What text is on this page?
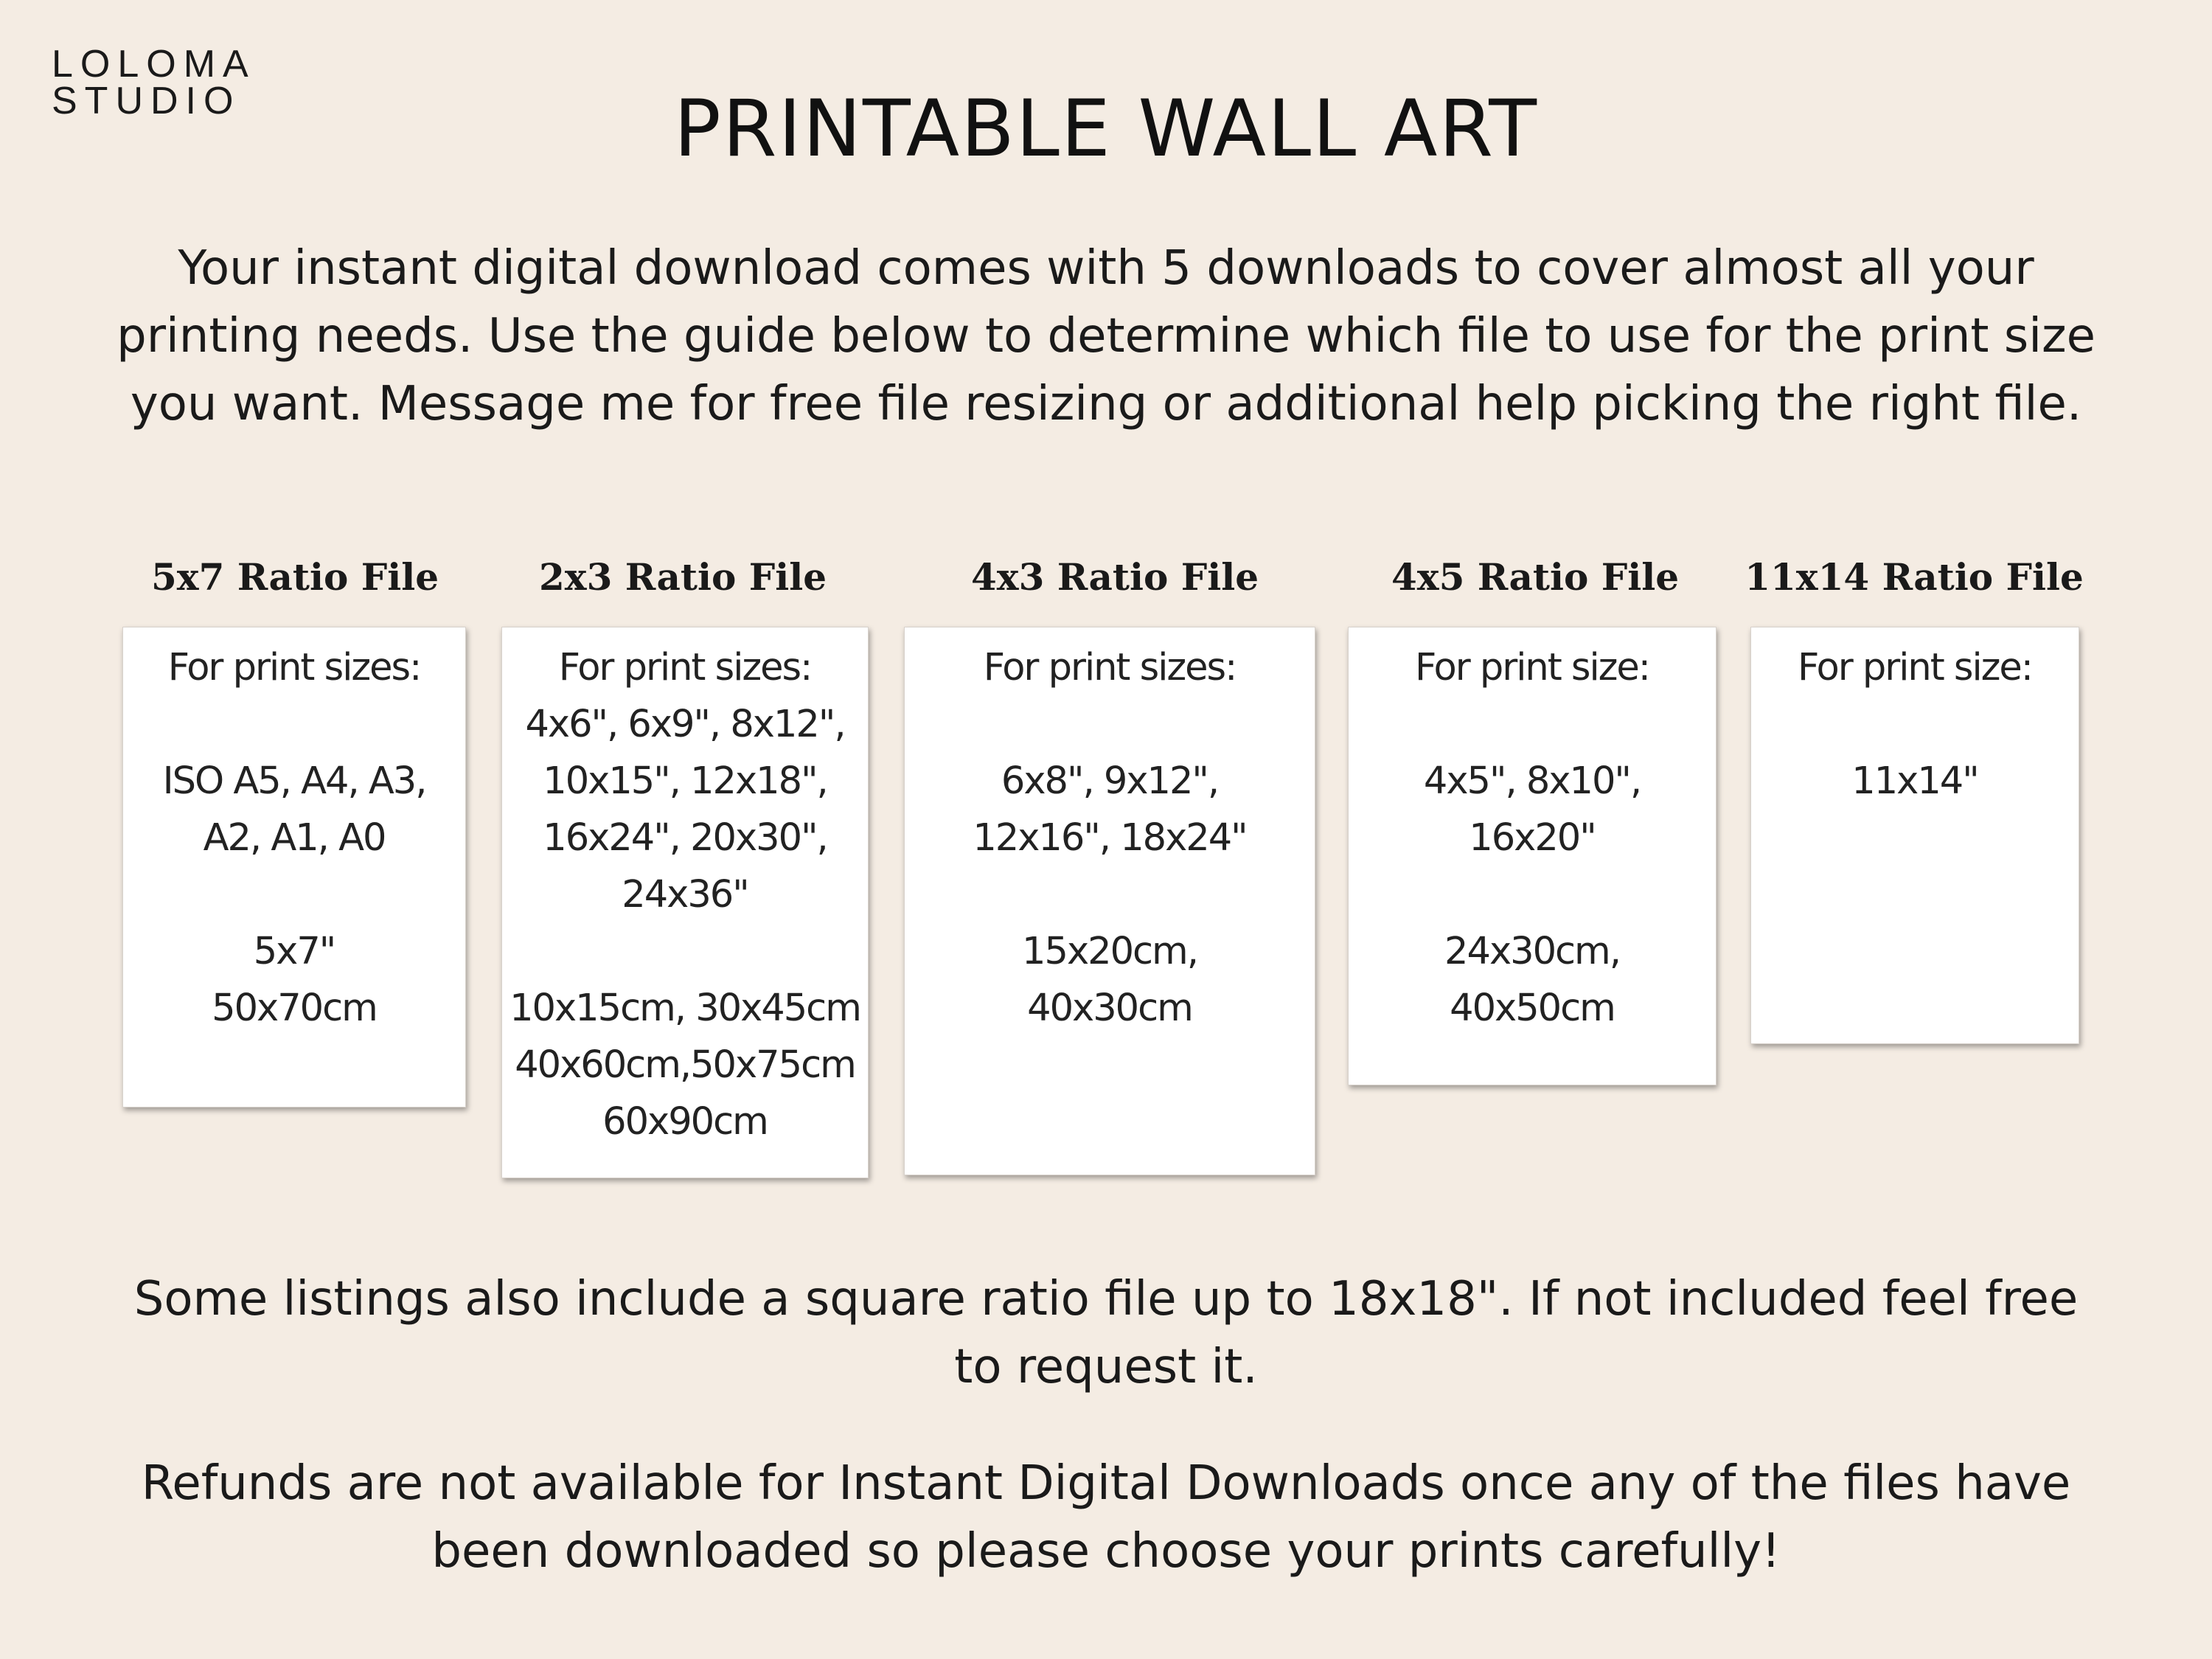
LOLOMA
STUDIO	PRINTABLE WALL ART
Your instant digital download comes with 5 downloads to cover almost all your
printing needs. Use the guide below to determine which file to use for the print size
you want. Message me for free file resizing or additional help picking the right file.
5x7 Ratio File	2x3 Ratio File	4x3 Ratio File	4x5 Ratio File	11x14 Ratio File
For print sizes:
ISO A5, A4, A3,
A2, A1, A0
5x7"
50x70cm
For print sizes:
4x6", 6x9", 8x12",
10x15", 12x18",
16x24", 20x30",
24x36"
10x15cm, 30x45cm
40x60cm,50x75cm
60x90cm
For print sizes:
6x8", 9x12",
12x16", 18x24"
15x20cm,
40x30cm
For print size:
4x5", 8x10",
16x20"
24x30cm,
40x50cm
For print size:
11x14"
Some listings also include a square ratio file up to 18x18". If not included feel free
to request it.
Refunds are not available for Instant Digital Downloads once any of the files have
been downloaded so please choose your prints carefully!
